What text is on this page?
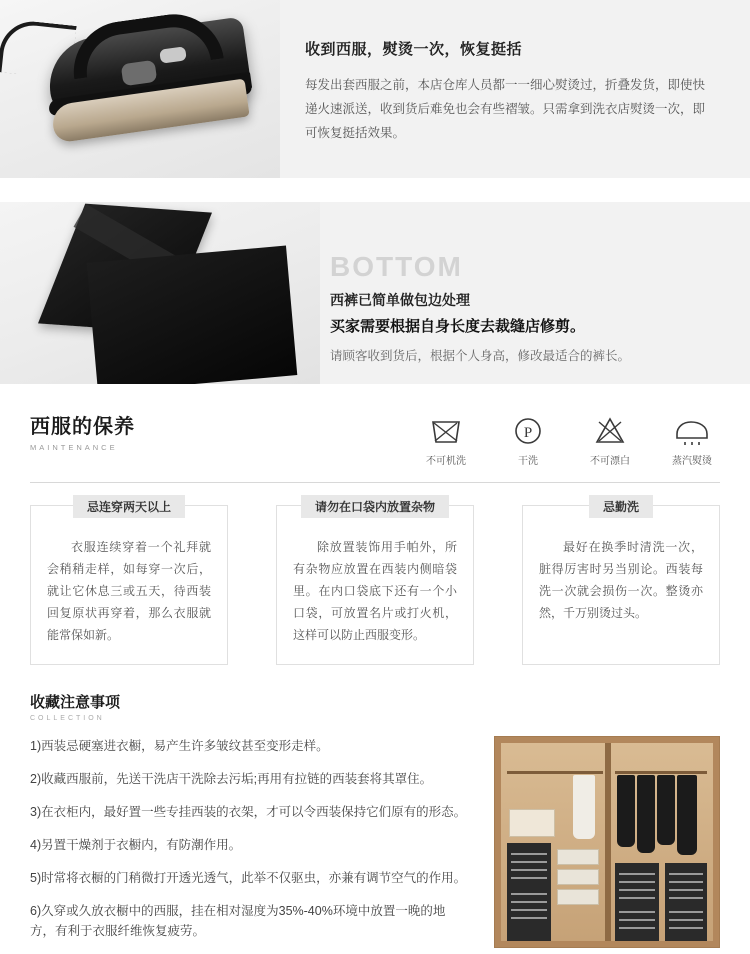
收到西服，熨烫一次，恢复挺括
每发出套西服之前，本店仓库人员都一一细心熨烫过，折叠发货，即使快递火速派送，收到货后难免也会有些褶皱。只需拿到洗衣店熨烫一次，即可恢复挺括效果。
BOTTOM
西裤已简单做包边处理
买家需要根据自身长度去裁缝店修剪。
请顾客收到货后，根据个人身高，修改最适合的裤长。
西服的保养
MAINTENANCE
不可机洗
P
干洗	不可漂白	蒸汽熨烫
忌连穿两天以上
衣服连续穿着一个礼拜就会稍稍走样，如每穿一次后，就让它休息三或五天，待西装回复原状再穿着，那么衣服就能常保如新。
请勿在口袋内放置杂物
除放置装饰用手帕外，所有杂物应放置在西装内侧暗袋里。在内口袋底下还有一个小口袋，可放置名片或打火机，这样可以防止西服变形。
忌勤洗
最好在换季时清洗一次，脏得厉害时另当别论。西装每洗一次就会损伤一次。整烫亦然，千万别烫过头。
收藏注意事项
COLLECTION

1)西装忌硬塞进衣橱，易产生许多皱纹甚至变形走样。

2)收藏西服前，先送干洗店干洗除去污垢;再用有拉链的西装套将其罩住。

3)在衣柜内，最好置一些专挂西装的衣架，才可以令西装保持它们原有的形态。

4)另置干燥剂于衣橱内，有防潮作用。

5)时常将衣橱的门稍微打开透光透气，此举不仅驱虫，亦兼有调节空气的作用。

6)久穿或久放衣橱中的西服，挂在相对湿度为35%-40%环境中放置一晚的地方，有利于衣服纤维恢复疲劳。
